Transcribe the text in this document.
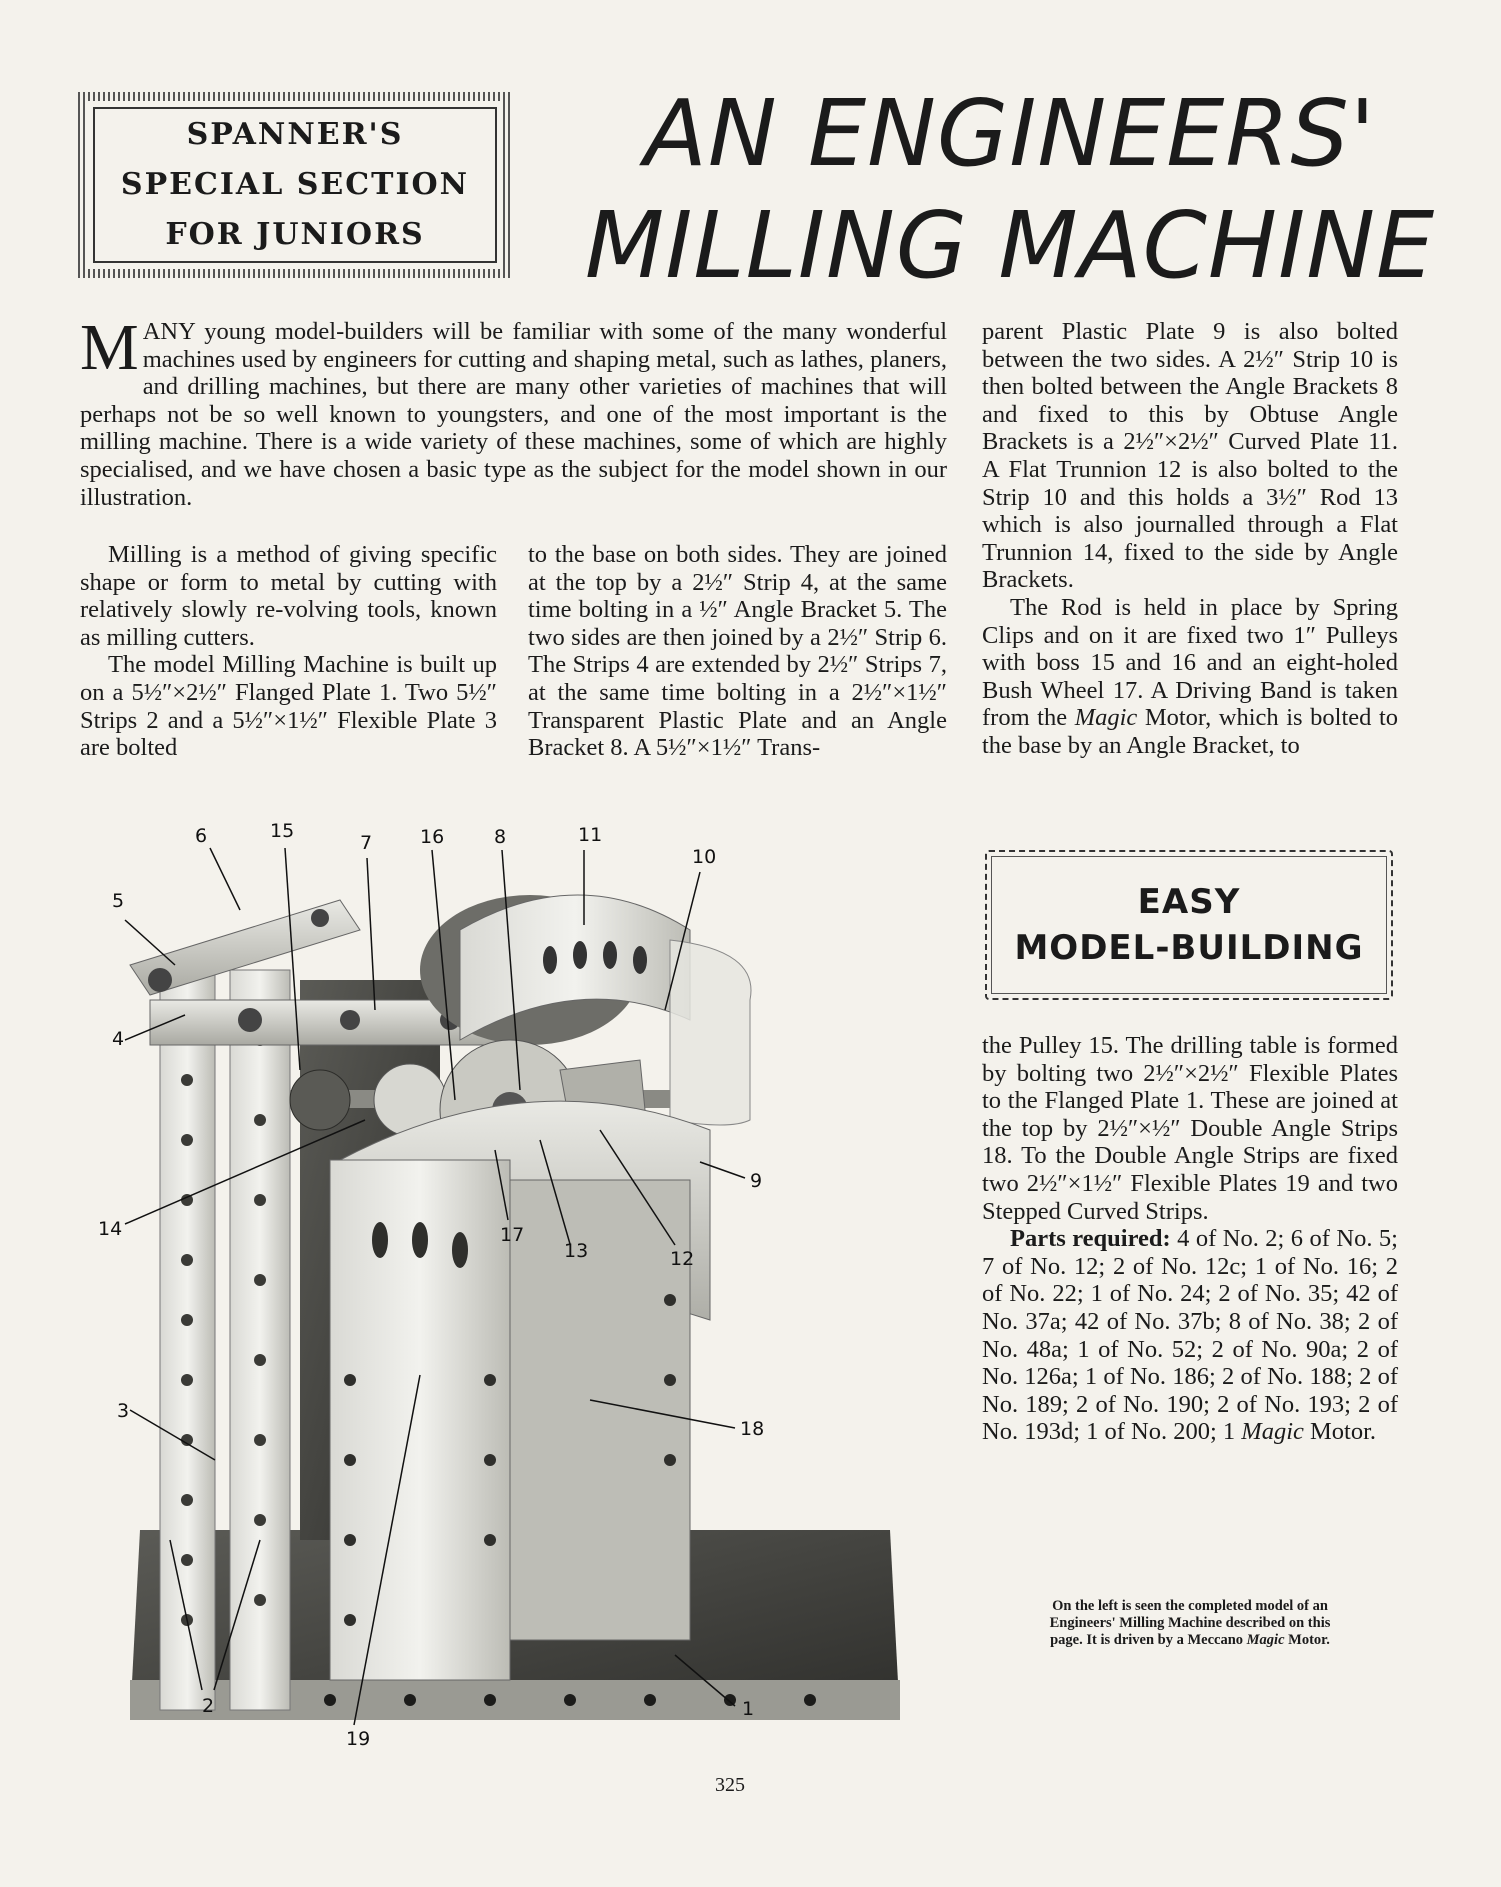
SPANNER'S
SPECIAL SECTION
FOR JUNIORS
AN ENGINEERS'
MILLING MACHINE

MANY young model-builders will be familiar with some of the many wonderful machines used by engineers for cutting and shaping metal, such as lathes, planers, and drilling machines, but there are many other varieties of machines that will perhaps not be so well known to youngsters, and one of the most important is the milling machine. There is a wide variety of these machines, some of which are highly specialised, and we have chosen a basic type as the subject for the model shown in our illustration.

Milling is a method of giving specific shape or form to metal by cutting with relatively slowly re-volving tools, known as milling cutters.

The model Milling Machine is built up on a 5½″×2½″ Flanged Plate 1. Two 5½″ Strips 2 and a 5½″×1½″ Flexible Plate 3 are bolted

to the base on both sides. They are joined at the top by a 2½″ Strip 4, at the same time bolting in a ½″ Angle Bracket 5. The two sides are then joined by a 2½″ Strip 6. The Strips 4 are extended by 2½″ Strips 7, at the same time bolting in a 2½″×1½″ Transparent Plastic Plate and an Angle Bracket 8. A 5½″×1½″ Trans-

parent Plastic Plate 9 is also bolted between the two sides. A 2½″ Strip 10 is then bolted between the Angle Brackets 8 and fixed to this by Obtuse Angle Brackets is a 2½″×2½″ Curved Plate 11. A Flat Trunnion 12 is also bolted to the Strip 10 and this holds a 3½″ Rod 13 which is also journalled through a Flat Trunnion 14, fixed to the side by Angle Brackets.

The Rod is held in place by Spring Clips and on it are fixed two 1″ Pulleys with boss 15 and 16 and an eight-holed Bush Wheel 17. A Driving Band is taken from the Magic Motor, which is bolted to the base by an Angle Bracket, to

EASY
MODEL-BUILDING

the Pulley 15. The drilling table is formed by bolting two 2½″×2½″ Flexible Plates to the Flanged Plate 1. These are joined at the top by 2½″×½″ Double Angle Strips 18. To the Double Angle Strips are fixed two 2½″×1½″ Flexible Plates 19 and two Stepped Curved Strips.

Parts required: 4 of No. 2; 6 of No. 5; 7 of No. 12; 2 of No. 12c; 1 of No. 16; 2 of No. 22; 1 of No. 24; 2 of No. 35; 42 of No. 37a; 42 of No. 37b; 8 of No. 38; 2 of No. 48a; 1 of No. 52; 2 of No. 90a; 2 of No. 126a; 1 of No. 186; 2 of No. 188; 2 of No. 189; 2 of No. 190; 2 of No. 193; 2 of No. 193d; 1 of No. 200; 1 Magic Motor.

6	15
7	16	8	11
10
5
4
14	17
13	12
9
3
18
2
19
1
On the left is seen the completed model of an Engineers' Milling Machine described on this page. It is driven by a Meccano Magic Motor.
325
